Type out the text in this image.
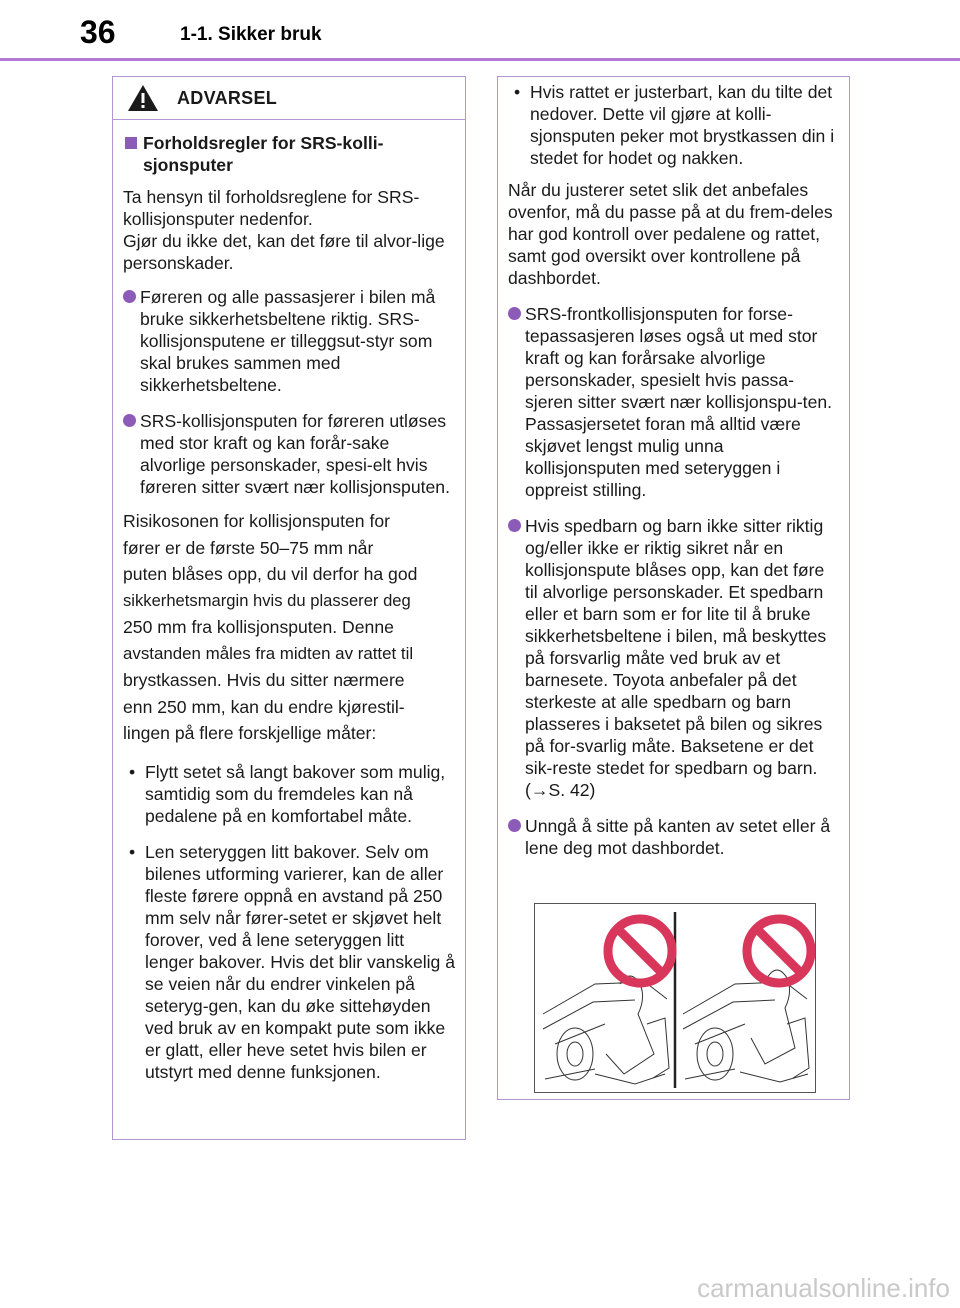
36	1-1. Sikker bruk
ADVARSEL
Forholdsregler for SRS-kolli-sjonsputer

Ta hensyn til forholdsreglene for SRS-kollisjonsputer nedenfor.

Gjør du ikke det, kan det føre til alvor-lige personskader.

Føreren og alle passasjerer i bilen må bruke sikkerhetsbeltene riktig. SRS-kollisjonsputene er tilleggsut-styr som skal brukes sammen med sikkerhetsbeltene.
SRS-kollisjonsputen for føreren utløses med stor kraft og kan forår-sake alvorlige personskader, spesi-elt hvis føreren sitter svært nær kollisjonsputen.
Risikosonen for kollisjonsputen for
fører er de første 50–75 mm når
puten blåses opp, du vil derfor ha god
sikkerhetsmargin hvis du plasserer deg
250 mm fra kollisjonsputen. Denne
avstanden måles fra midten av rattet til
brystkassen. Hvis du sitter nærmere
enn 250 mm, kan du endre kjørestil-
lingen på flere forskjellige måter:
• Flytt setet så langt bakover som mulig, samtidig som du fremdeles kan nå pedalene på en komfortabel måte.
• Len seteryggen litt bakover. Selv om bilenes utforming varierer, kan de aller fleste førere oppnå en avstand på 250 mm selv når fører-setet er skjøvet helt forover, ved å lene seteryggen litt lenger bakover. Hvis det blir vanskelig å se veien når du endrer vinkelen på seteryg-gen, kan du øke sittehøyden ved bruk av en kompakt pute som ikke er glatt, eller heve setet hvis bilen er utstyrt med denne funksjonen.
• Hvis rattet er justerbart, kan du tilte det nedover. Dette vil gjøre at kolli-sjonsputen peker mot brystkassen din i stedet for hodet og nakken.

Når du justerer setet slik det anbefales ovenfor, må du passe på at du frem-deles har god kontroll over pedalene og rattet, samt god oversikt over kontrollene på dashbordet.

SRS-frontkollisjonsputen for forse-tepassasjeren løses også ut med stor kraft og kan forårsake alvorlige personskader, spesielt hvis passa-sjeren sitter svært nær kollisjonspu-ten. Passasjersetet foran må alltid være skjøvet lengst mulig unna kollisjonsputen med seteryggen i oppreist stilling.
Hvis spedbarn og barn ikke sitter riktig og/eller ikke er riktig sikret når en kollisjonspute blåses opp, kan det føre til alvorlige personskader. Et spedbarn eller et barn som er for lite til å bruke sikkerhetsbeltene i bilen, må beskyttes på forsvarlig måte ved bruk av et barnesete. Toyota anbefaler på det sterkeste at alle spedbarn og barn plasseres i baksetet på bilen og sikres på for-svarlig måte. Baksetene er det sik-reste stedet for spedbarn og barn. (→S. 42)
Unngå å sitte på kanten av setet eller å lene deg mot dashbordet.
carmanualsonline.info
